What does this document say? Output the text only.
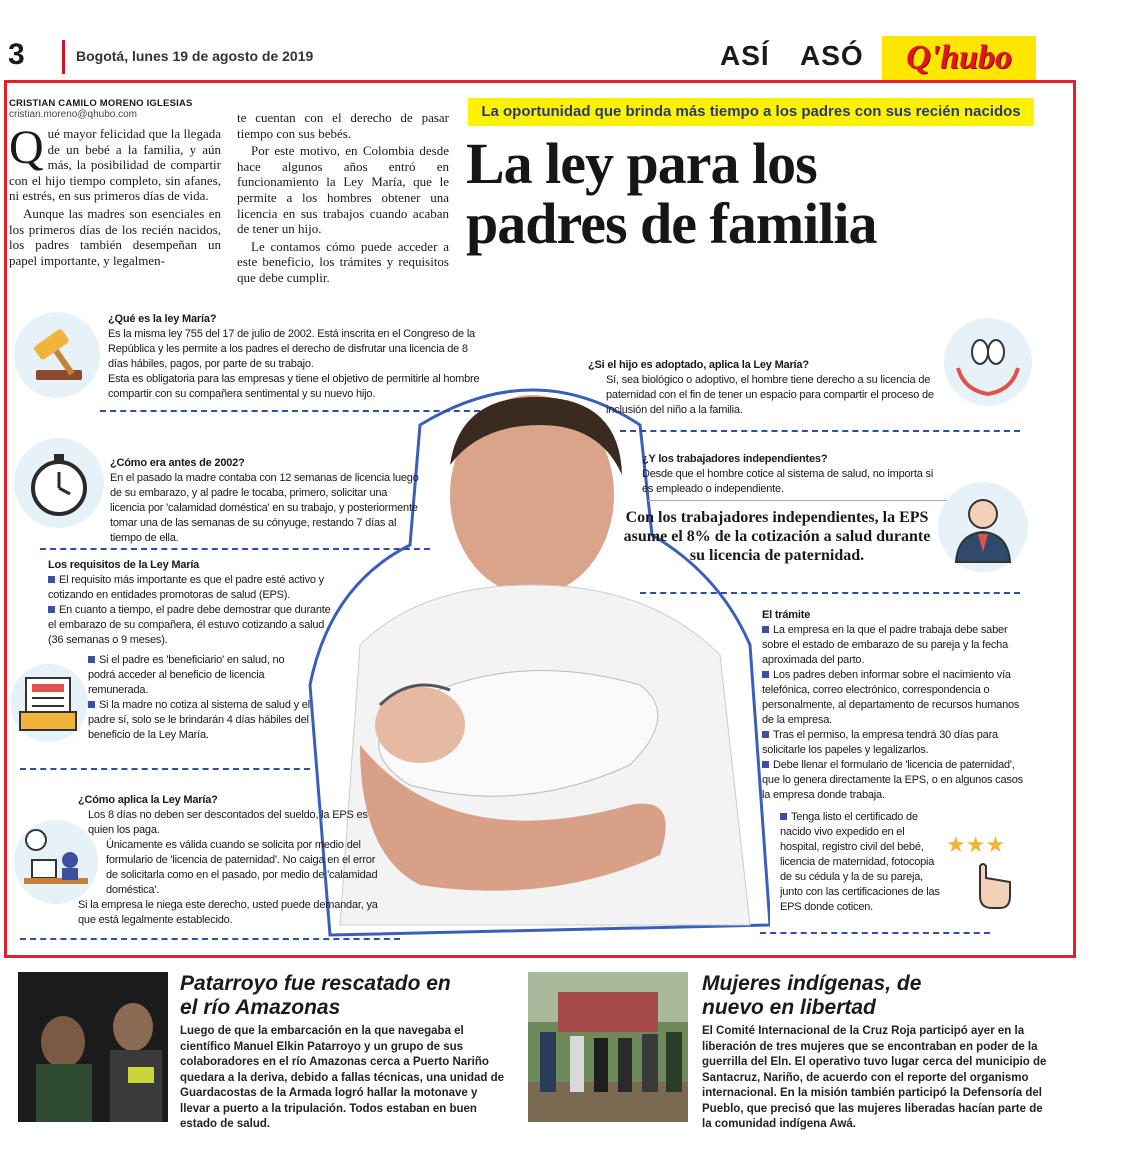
3	Bogotá, lunes 19 de agosto de 2019	ASÍ ASÓ	Q'hubo
CRISTIAN CAMILO MORENO IGLESIAS
cristian.moreno@qhubo.com

Qué mayor felicidad que la llegada de un bebé a la familia, y aún más, la posibilidad de compartir con el hijo tiempo completo, sin afanes, ni estrés, en sus primeros días de vida.

Aunque las madres son esenciales en los primeros días de los recién nacidos, los padres también desempeñan un papel importante, y legalmen-

te cuentan con el derecho de pasar tiempo con sus bebés.

Por este motivo, en Colombia desde hace algunos años entró en funcionamiento la Ley María, que le permite a los hombres obtener una licencia en sus trabajos cuando acaban de tener un hijo.

Le contamos cómo puede acceder a este beneficio, los trámites y requisitos que debe cumplir.

La oportunidad que brinda más tiempo a los padres con sus recién nacidos
La ley para los
padres de familia
¿Qué es la ley María?

Es la misma ley 755 del 17 de julio de 2002. Está inscrita en el Congreso de la República y les permite a los padres el derecho de disfrutar una licencia de 8 días hábiles, pagos, por parte de su trabajo.

Esta es obligatoria para las empresas y tiene el objetivo de permitirle al hombre compartir con su compañera sentimental y su nuevo hijo.

¿Cómo era antes de 2002?

En el pasado la madre contaba con 12 semanas de licencia luego de su embarazo, y al padre le tocaba, primero, solicitar una licencia por 'calamidad doméstica' en su trabajo, y posteriormente tomar una de las semanas de su cónyuge, restando 7 días al tiempo de ella.

Los requisitos de la Ley María

El requisito más importante es que el padre esté activo y cotizando en entidades promotoras de salud (EPS).

En cuanto a tiempo, el padre debe demostrar que durante el embarazo de su compañera, él estuvo cotizando a salud (36 semanas o 9 meses).

Si el padre es 'beneficiario' en salud, no podrá acceder al beneficio de licencia remunerada.

Si la madre no cotiza al sistema de salud y el padre sí, solo se le brindarán 4 días hábiles del beneficio de la Ley María.

¿Cómo aplica la Ley María?

Los 8 días no deben ser descontados del sueldo, la EPS es quien los paga.

Únicamente es válida cuando se solicita por medio del formulario de 'licencia de paternidad'. No caiga en el error de solicitarla como en el pasado, por medio de 'calamidad doméstica'.

Si la empresa le niega este derecho, usted puede demandar, ya que está legalmente establecido.

¿Si el hijo es adoptado, aplica la Ley María?

Sí, sea biológico o adoptivo, el hombre tiene derecho a su licencia de paternidad con el fin de tener un espacio para compartir el proceso de inclusión del niño a la familia.

¿Y los trabajadores independientes?

Desde que el hombre cotice al sistema de salud, no importa si es empleado o independiente.

Con los trabajadores independientes, la EPS asume el 8% de la cotización a salud durante su licencia de paternidad.
El trámite

La empresa en la que el padre trabaja debe saber sobre el estado de embarazo de su pareja y la fecha aproximada del parto.

Los padres deben informar sobre el nacimiento vía telefónica, correo electrónico, correspondencia o personalmente, al departamento de recursos humanos de la empresa.

Tras el permiso, la empresa tendrá 30 días para solicitarle los papeles y legalizarlos.

Debe llenar el formulario de 'licencia de paternidad', que lo genera directamente la EPS, o en algunos casos la empresa donde trabaja.

Tenga listo el certificado de nacido vivo expedido en el hospital, registro civil del bebé, licencia de maternidad, fotocopia de su cédula y la de su pareja, junto con las certificaciones de las EPS donde coticen.

★★★
Patarroyo fue rescatado en
el río Amazonas
Luego de que la embarcación en la que navegaba el científico Manuel Elkin Patarroyo y un grupo de sus colaboradores en el río Amazonas cerca a Puerto Nariño quedara a la deriva, debido a fallas técnicas, una unidad de Guardacostas de la Armada logró hallar la motonave y llevar a puerto a la tripulación. Todos estaban en buen estado de salud.
Mujeres indígenas, de
nuevo en libertad
El Comité Internacional de la Cruz Roja participó ayer en la liberación de tres mujeres que se encontraban en poder de la guerrilla del Eln. El operativo tuvo lugar cerca del municipio de Santacruz, Nariño, de acuerdo con el reporte del organismo internacional. En la misión también participó la Defensoría del Pueblo, que precisó que las mujeres liberadas hacían parte de la comunidad indígena Awá.
